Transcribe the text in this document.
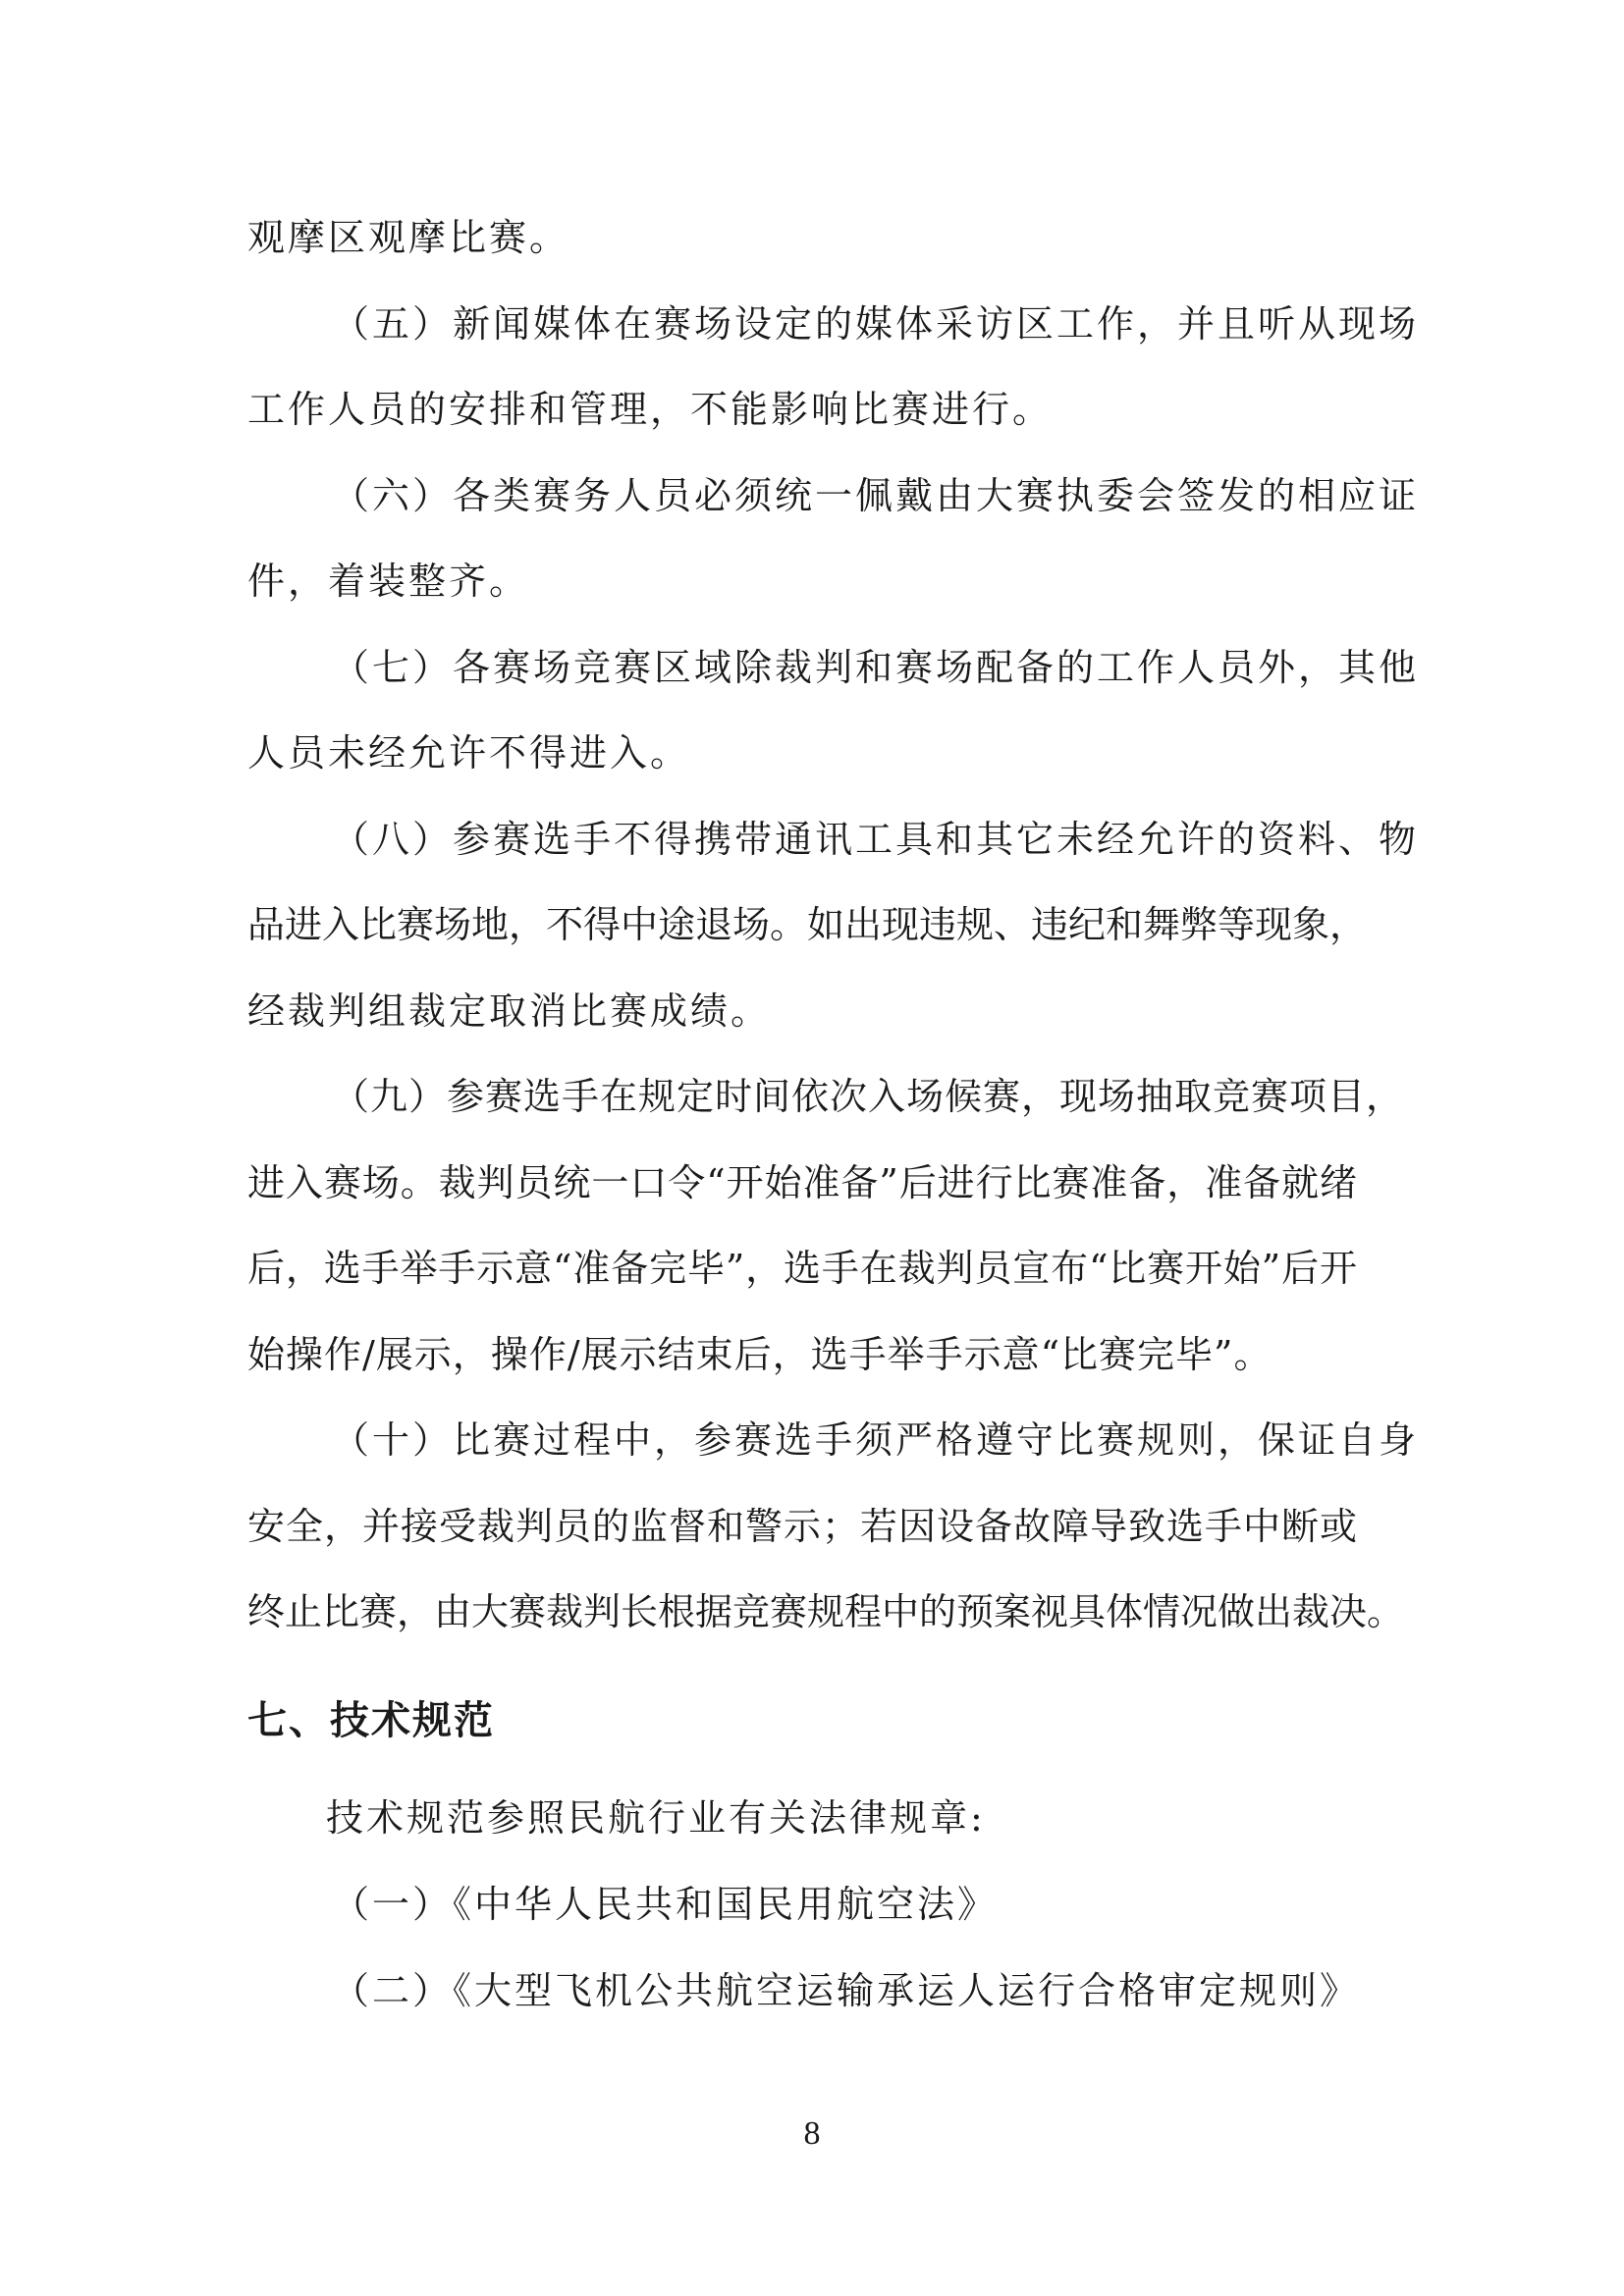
观摩区观摩比赛。
（五）新闻媒体在赛场设定的媒体采访区工作，并且听从现场
工作人员的安排和管理，不能影响比赛进行。
（六）各类赛务人员必须统一佩戴由大赛执委会签发的相应证
件，着装整齐。
（七）各赛场竞赛区域除裁判和赛场配备的工作人员外，其他
人员未经允许不得进入。
（八）参赛选手不得携带通讯工具和其它未经允许的资料、物
品进入比赛场地，不得中途退场。如出现违规、违纪和舞弊等现象，
经裁判组裁定取消比赛成绩。
（九）参赛选手在规定时间依次入场候赛，现场抽取竞赛项目，
进入赛场。裁判员统一口令“开始准备”后进行比赛准备，准备就绪
后，选手举手示意“准备完毕”，选手在裁判员宣布“比赛开始”后开
始操作/展示，操作/展示结束后，选手举手示意“比赛完毕”。
（十）比赛过程中，参赛选手须严格遵守比赛规则，保证自身
安全，并接受裁判员的监督和警示；若因设备故障导致选手中断或
终止比赛，由大赛裁判长根据竞赛规程中的预案视具体情况做出裁决。
七、技术规范
技术规范参照民航行业有关法律规章:
（一）《中华人民共和国民用航空法》
（二）《大型飞机公共航空运输承运人运行合格审定规则》
8
